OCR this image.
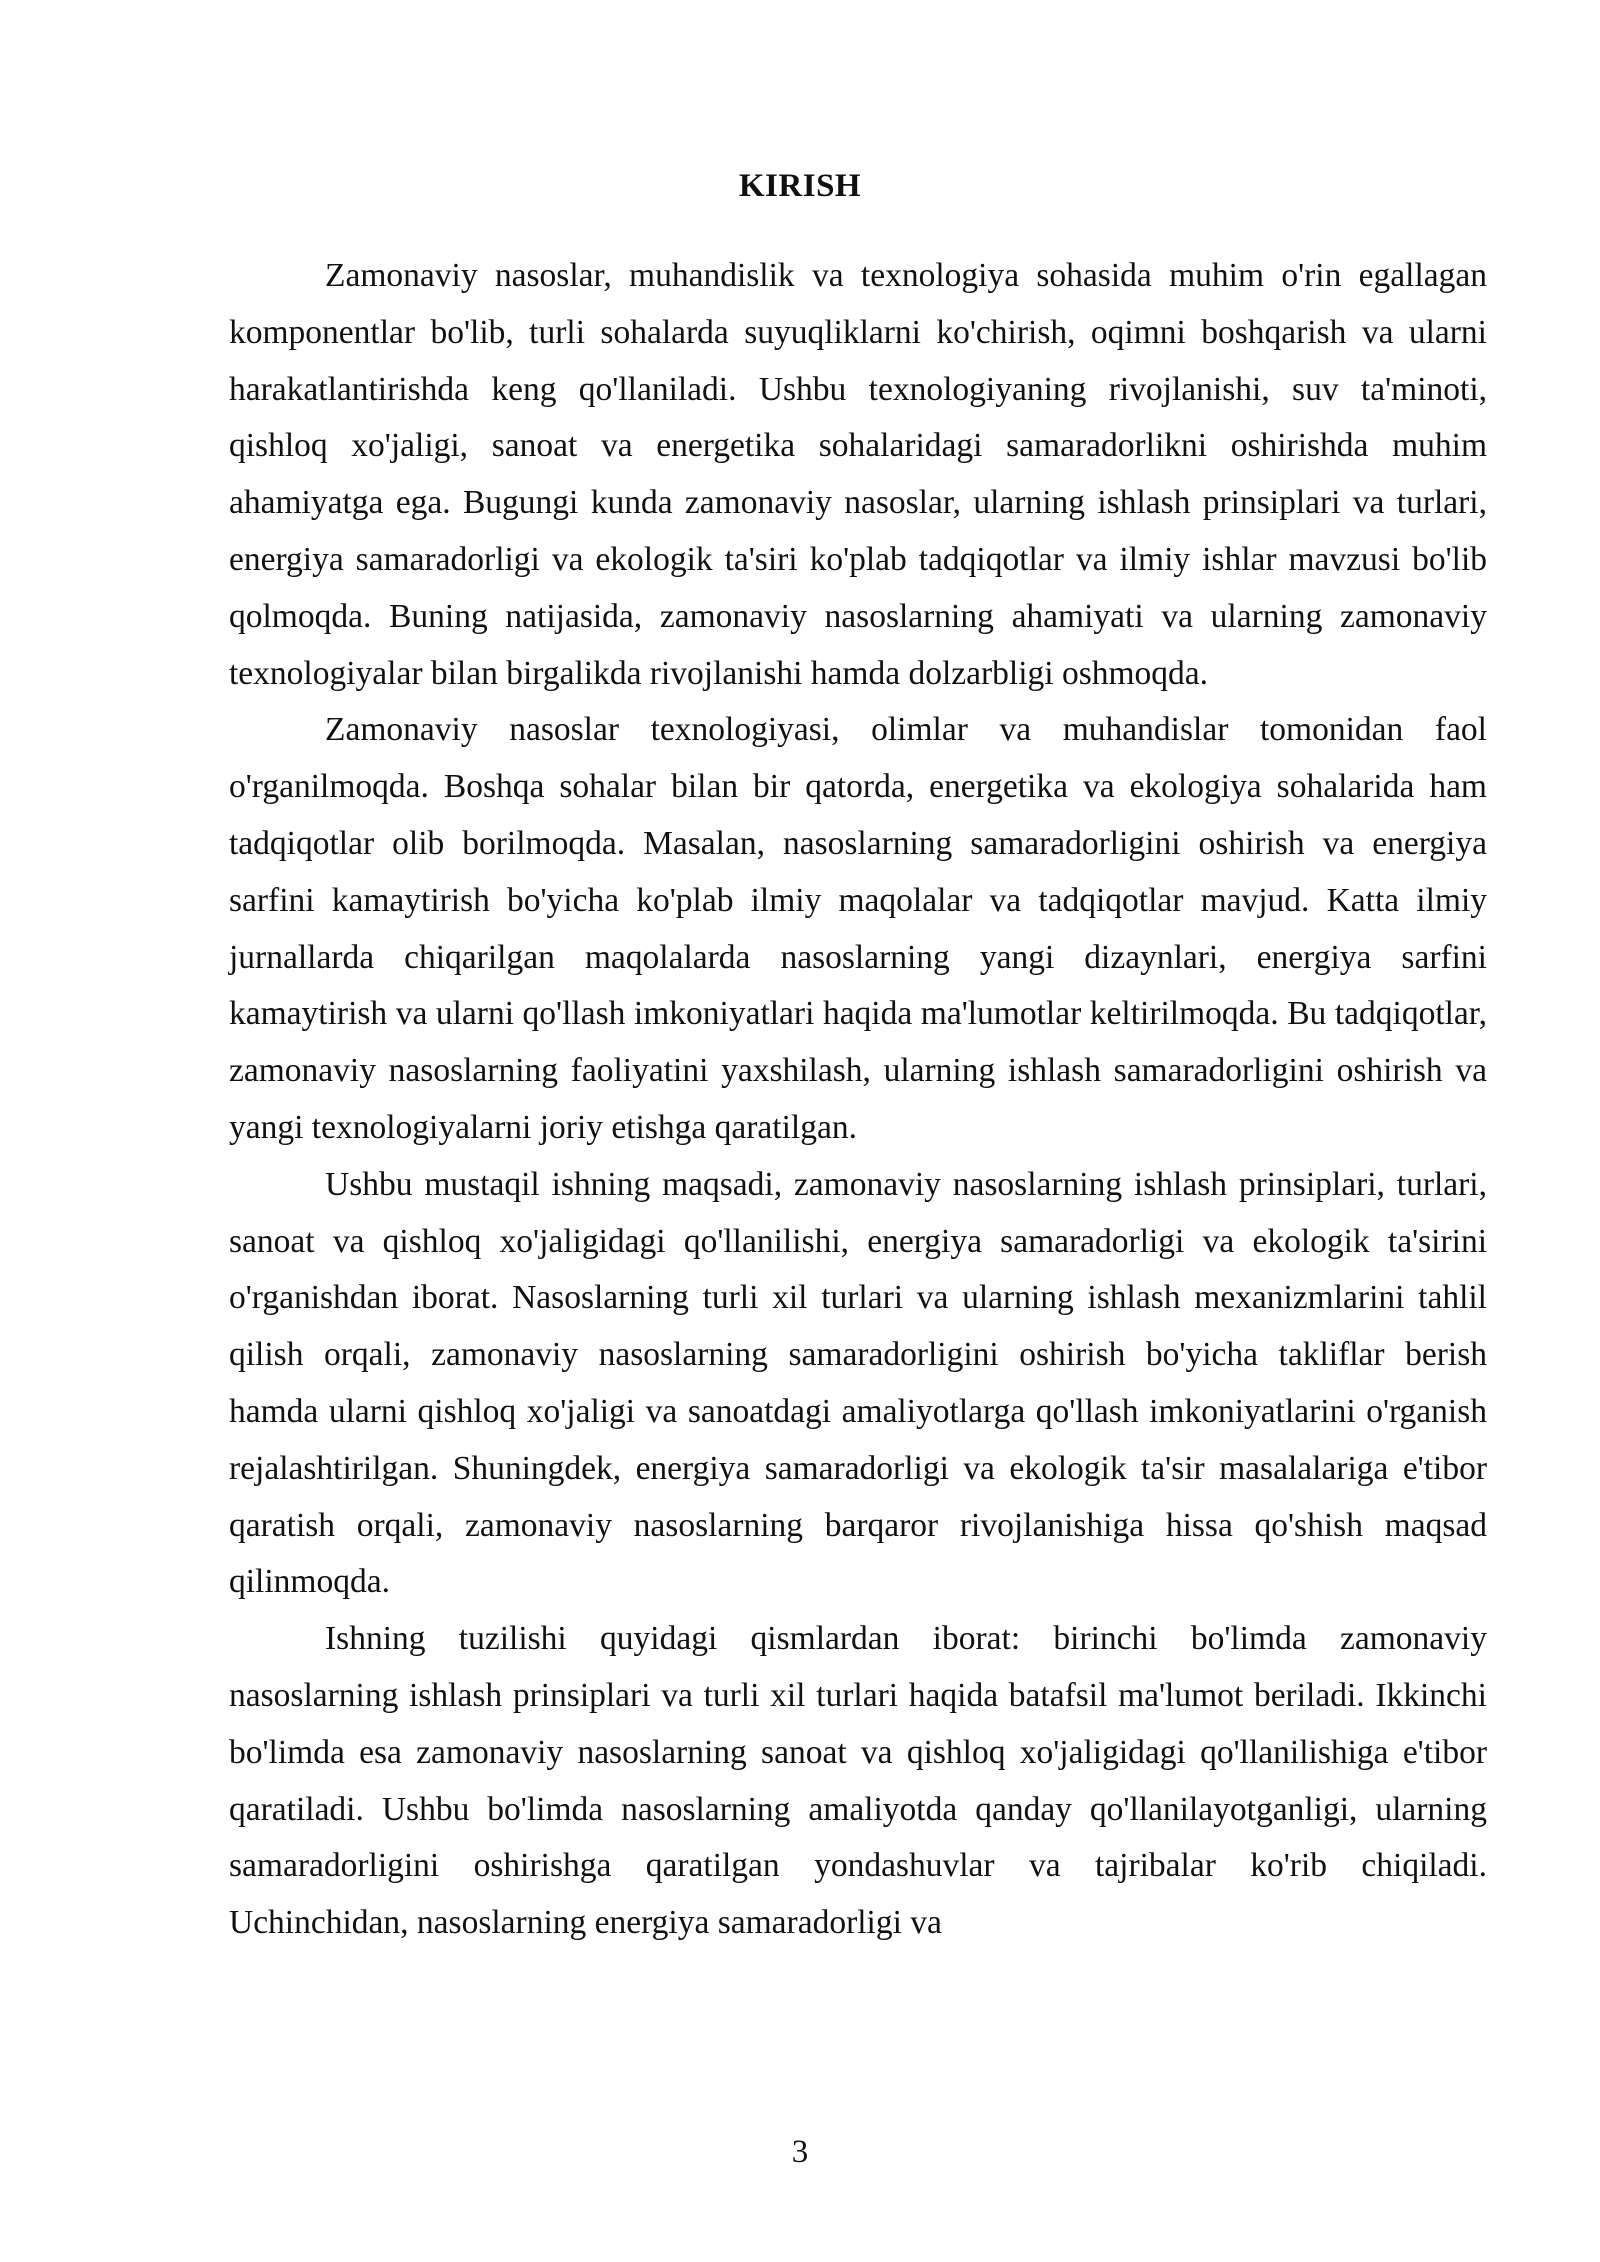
KIRISH

Zamonaviy nasoslar, muhandislik va texnologiya sohasida muhim o'rin egallagan komponentlar bo'lib, turli sohalarda suyuqliklarni ko'chirish, oqimni boshqarish va ularni harakatlantirishda keng qo'llaniladi. Ushbu texnologiyaning rivojlanishi, suv ta'minoti, qishloq xo'jaligi, sanoat va energetika sohalaridagi samaradorlikni oshirishda muhim ahamiyatga ega. Bugungi kunda zamonaviy nasoslar, ularning ishlash prinsiplari va turlari, energiya samaradorligi va ekologik ta'siri ko'plab tadqiqotlar va ilmiy ishlar mavzusi bo'lib qolmoqda. Buning natijasida, zamonaviy nasoslarning ahamiyati va ularning zamonaviy texnologiyalar bilan birgalikda rivojlanishi hamda dolzarbligi oshmoqda.

Zamonaviy nasoslar texnologiyasi, olimlar va muhandislar tomonidan faol o'rganilmoqda. Boshqa sohalar bilan bir qatorda, energetika va ekologiya sohalarida ham tadqiqotlar olib borilmoqda. Masalan, nasoslarning samaradorligini oshirish va energiya sarfini kamaytirish bo'yicha ko'plab ilmiy maqolalar va tadqiqotlar mavjud. Katta ilmiy jurnallarda chiqarilgan maqolalarda nasoslarning yangi dizaynlari, energiya sarfini kamaytirish va ularni qo'llash imkoniyatlari haqida ma'lumotlar keltirilmoqda. Bu tadqiqotlar, zamonaviy nasoslarning faoliyatini yaxshilash, ularning ishlash samaradorligini oshirish va yangi texnologiyalarni joriy etishga qaratilgan.

Ushbu mustaqil ishning maqsadi, zamonaviy nasoslarning ishlash prinsiplari, turlari, sanoat va qishloq xo'jaligidagi qo'llanilishi, energiya samaradorligi va ekologik ta'sirini o'rganishdan iborat. Nasoslarning turli xil turlari va ularning ishlash mexanizmlarini tahlil qilish orqali, zamonaviy nasoslarning samaradorligini oshirish bo'yicha takliflar berish hamda ularni qishloq xo'jaligi va sanoatdagi amaliyotlarga qo'llash imkoniyatlarini o'rganish rejalashtirilgan. Shuningdek, energiya samaradorligi va ekologik ta'sir masalalariga e'tibor qaratish orqali, zamonaviy nasoslarning barqaror rivojlanishiga hissa qo'shish maqsad qilinmoqda.

Ishning tuzilishi quyidagi qismlardan iborat: birinchi bo'limda zamonaviy nasoslarning ishlash prinsiplari va turli xil turlari haqida batafsil ma'lumot beriladi. Ikkinchi bo'limda esa zamonaviy nasoslarning sanoat va qishloq xo'jaligidagi qo'llanilishiga e'tibor qaratiladi. Ushbu bo'limda nasoslarning amaliyotda qanday qo'llanilayotganligi, ularning samaradorligini oshirishga qaratilgan yondashuvlar va tajribalar ko'rib chiqiladi. Uchinchidan, nasoslarning energiya samaradorligi va

3
